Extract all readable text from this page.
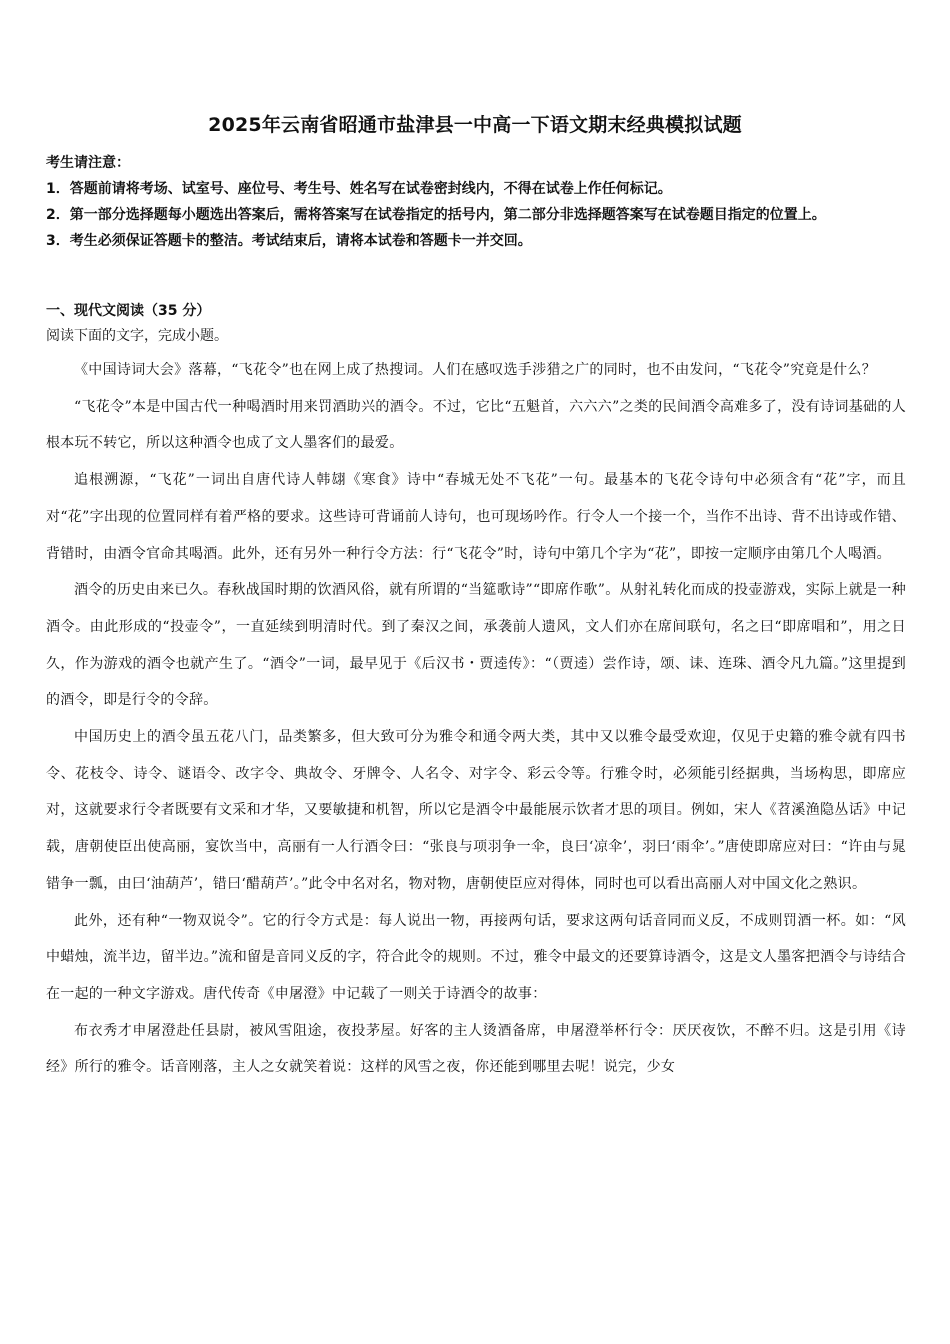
2025年云南省昭通市盐津县一中高一下语文期末经典模拟试题

考生请注意：

1．答题前请将考场、试室号、座位号、考生号、姓名写在试卷密封线内，不得在试卷上作任何标记。

2．第一部分选择题每小题选出答案后，需将答案写在试卷指定的括号内，第二部分非选择题答案写在试卷题目指定的位置上。

3．考生必须保证答题卡的整洁。考试结束后，请将本试卷和答题卡一并交回。

一、现代文阅读（35 分）
阅读下面的文字，完成小题。

《中国诗词大会》落幕，“飞花令”也在网上成了热搜词。人们在感叹选手涉猎之广的同时，也不由发问，“飞花令”究竟是什么？

“飞花令”本是中国古代一种喝酒时用来罚酒助兴的酒令。不过，它比“五魁首，六六六”之类的民间酒令高难多了，没有诗词基础的人根本玩不转它，所以这种酒令也成了文人墨客们的最爱。

追根溯源，“飞花”一词出自唐代诗人韩翃《寒食》诗中“春城无处不飞花”一句。最基本的飞花令诗句中必须含有“花”字，而且对“花”字出现的位置同样有着严格的要求。这些诗可背诵前人诗句，也可现场吟作。行令人一个接一个，当作不出诗、背不出诗或作错、背错时，由酒令官命其喝酒。此外，还有另外一种行令方法：行“飞花令”时，诗句中第几个字为“花”，即按一定顺序由第几个人喝酒。

酒令的历史由来已久。春秋战国时期的饮酒风俗，就有所谓的“当筵歌诗”“即席作歌”。从射礼转化而成的投壶游戏，实际上就是一种酒令。由此形成的“投壶令”，一直延续到明清时代。到了秦汉之间，承袭前人遗风，文人们亦在席间联句，名之曰“即席唱和”，用之日久，作为游戏的酒令也就产生了。“酒令”一词，最早见于《后汉书・贾逵传》：“（贾逵）尝作诗，颂、诔、连珠、酒令凡九篇。”这里提到的酒令，即是行令的令辞。

中国历史上的酒令虽五花八门，品类繁多，但大致可分为雅令和通令两大类，其中又以雅令最受欢迎，仅见于史籍的雅令就有四书令、花枝令、诗令、谜语令、改字令、典故令、牙牌令、人名令、对字令、彩云令等。行雅令时，必须能引经据典，当场构思，即席应对，这就要求行令者既要有文采和才华，又要敏捷和机智，所以它是酒令中最能展示饮者才思的项目。例如，宋人《苕溪渔隐丛话》中记载，唐朝使臣出使高丽，宴饮当中，高丽有一人行酒令曰：“张良与项羽争一伞，良曰‘凉伞’，羽曰‘雨伞’。”唐使即席应对曰：“许由与晁错争一瓢，由曰‘油葫芦’，错曰‘醋葫芦’。”此令中名对名，物对物，唐朝使臣应对得体，同时也可以看出高丽人对中国文化之熟识。

此外，还有种“一物双说令”。它的行令方式是：每人说出一物，再接两句话，要求这两句话音同而义反，不成则罚酒一杯。如：“风中蜡烛，流半边，留半边。”流和留是音同义反的字，符合此令的规则。不过，雅令中最文的还要算诗酒令，这是文人墨客把酒令与诗结合在一起的一种文字游戏。唐代传奇《申屠澄》中记载了一则关于诗酒令的故事：

布衣秀才申屠澄赴任县尉，被风雪阻途，夜投茅屋。好客的主人烫酒备席，申屠澄举杯行令：厌厌夜饮，不醉不归。这是引用《诗经》所行的雅令。话音刚落，主人之女就笑着说：这样的风雪之夜，你还能到哪里去呢！说完，少女
